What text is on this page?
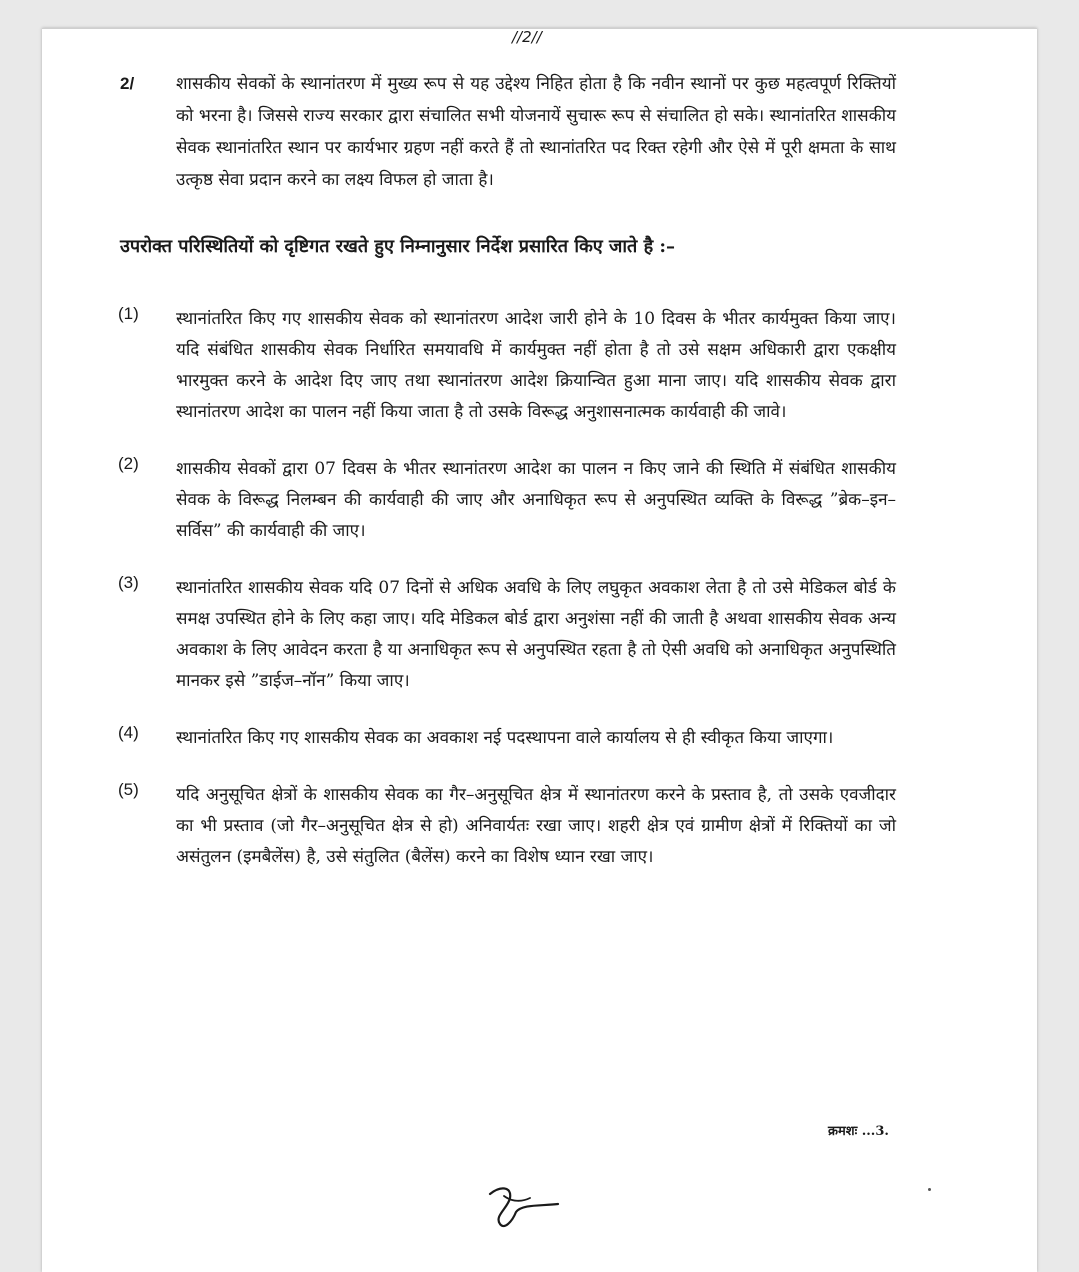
//2//
2/ शासकीय सेवकों के स्थानांतरण में मुख्य रूप से यह उद्देश्य निहित होता है कि नवीन स्थानों पर कुछ महत्वपूर्ण रिक्तियों को भरना है। जिससे राज्य सरकार द्वारा संचालित सभी योजनायें सुचारू रूप से संचालित हो सके। स्थानांतरित शासकीय सेवक स्थानांतरित स्थान पर कार्यभार ग्रहण नहीं करते हैं तो स्थानांतरित पद रिक्त रहेगी और ऐसे में पूरी क्षमता के साथ उत्कृष्ठ सेवा प्रदान करने का लक्ष्य विफल हो जाता है।
उपरोक्त परिस्थितियों को दृष्टिगत रखते हुए निम्नानुसार निर्देश प्रसारित किए जाते है :–
(1) स्थानांतरित किए गए शासकीय सेवक को स्थानांतरण आदेश जारी होने के 10 दिवस के भीतर कार्यमुक्त किया जाए। यदि संबंधित शासकीय सेवक निर्धारित समयावधि में कार्यमुक्त नहीं होता है तो उसे सक्षम अधिकारी द्वारा एकक्षीय भारमुक्त करने के आदेश दिए जाए तथा स्थानांतरण आदेश क्रियान्वित हुआ माना जाए। यदि शासकीय सेवक द्वारा स्थानांतरण आदेश का पालन नहीं किया जाता है तो उसके विरूद्ध अनुशासनात्मक कार्यवाही की जावे।
(2) शासकीय सेवकों द्वारा 07 दिवस के भीतर स्थानांतरण आदेश का पालन न किए जाने की स्थिति में संबंधित शासकीय सेवक के विरूद्ध निलम्बन की कार्यवाही की जाए और अनाधिकृत रूप से अनुपस्थित व्यक्ति के विरूद्ध ”ब्रेक–इन–सर्विस” की कार्यवाही की जाए।
(3) स्थानांतरित शासकीय सेवक यदि 07 दिनों से अधिक अवधि के लिए लघुकृत अवकाश लेता है तो उसे मेडिकल बोर्ड के समक्ष उपस्थित होने के लिए कहा जाए। यदि मेडिकल बोर्ड द्वारा अनुशंसा नहीं की जाती है अथवा शासकीय सेवक अन्य अवकाश के लिए आवेदन करता है या अनाधिकृत रूप से अनुपस्थित रहता है तो ऐसी अवधि को अनाधिकृत अनुपस्थिति मानकर इसे ”डाईज–नॉन” किया जाए।
(4) स्थानांतरित किए गए शासकीय सेवक का अवकाश नई पदस्थापना वाले कार्यालय से ही स्वीकृत किया जाएगा।
(5) यदि अनुसूचित क्षेत्रों के शासकीय सेवक का गैर–अनुसूचित क्षेत्र में स्थानांतरण करने के प्रस्ताव है, तो उसके एवजीदार का भी प्रस्ताव (जो गैर–अनुसूचित क्षेत्र से हो) अनिवार्यतः रखा जाए। शहरी क्षेत्र एवं ग्रामीण क्षेत्रों में रिक्तियों का जो असंतुलन (इमबैलेंस) है, उसे संतुलित (बैलेंस) करने का विशेष ध्यान रखा जाए।
क्रमशः ...3.
